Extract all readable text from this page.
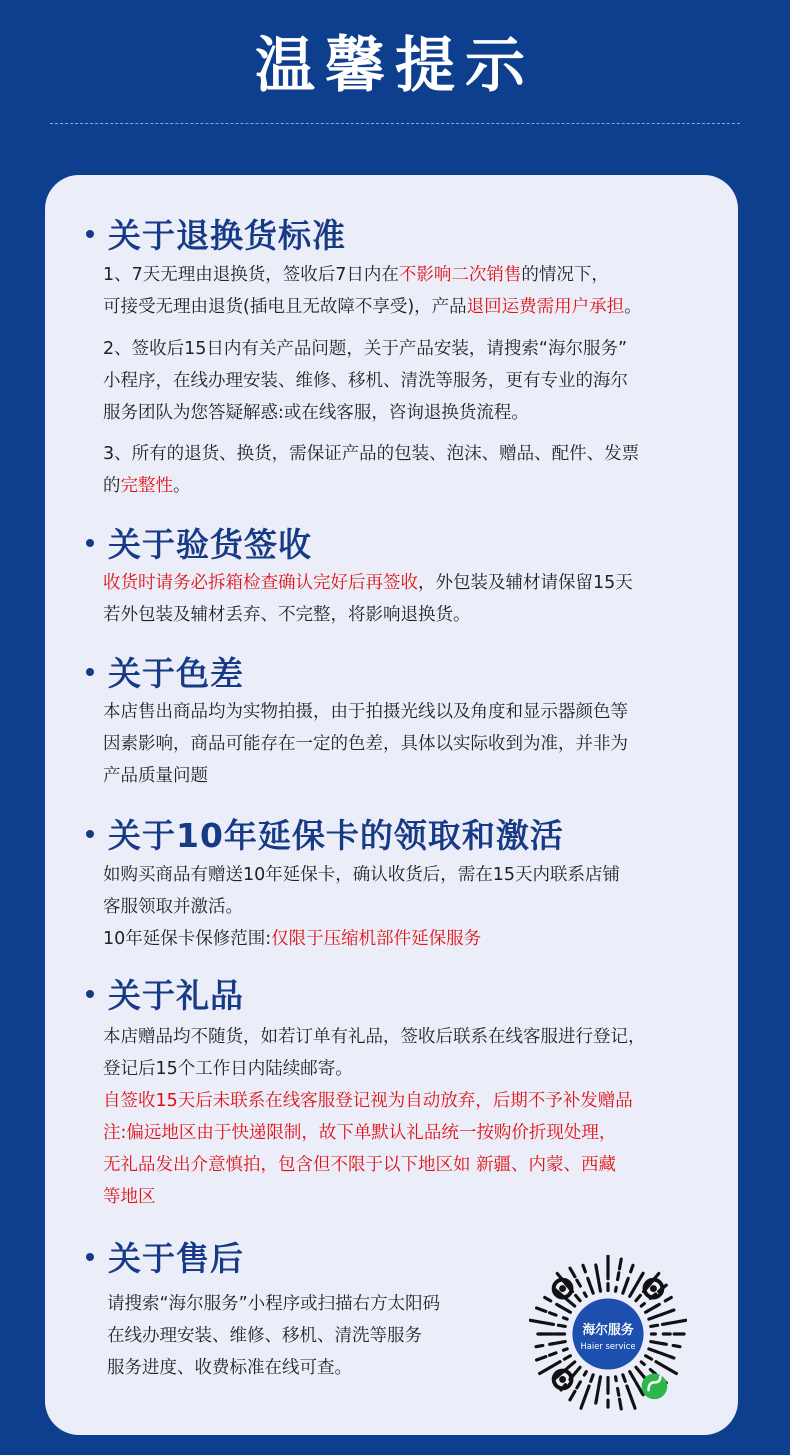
温馨提示
关于退换货标准
1、7天无理由退换货，签收后7日内在不影响二次销售的情况下，
可接受无理由退货(插电且无故障不享受)，产品退回运费需用户承担。
2、签收后15日内有关产品问题，关于产品安装，请搜索“海尔服务”
小程序，在线办理安装、维修、移机、清洗等服务，更有专业的海尔
服务团队为您答疑解惑:或在线客服，咨询退换货流程。
3、所有的退货、换货，需保证产品的包装、泡沫、赠品、配件、发票
的完整性。
关于验货签收
收货时请务必拆箱检查确认完好后再签收，外包装及辅材请保留15天
若外包装及辅材丢弃、不完整，将影响退换货。
关于色差
本店售出商品均为实物拍摄，由于拍摄光线以及角度和显示器颜色等
因素影响，商品可能存在一定的色差，具体以实际收到为准，并非为
产品质量问题
关于10年延保卡的领取和激活
如购买商品有赠送10年延保卡，确认收货后，需在15天内联系店铺
客服领取并激活。
10年延保卡保修范围:仅限于压缩机部件延保服务
关于礼品
本店赠品均不随货，如若订单有礼品，签收后联系在线客服进行登记，
登记后15个工作日内陆续邮寄。
自签收15天后未联系在线客服登记视为自动放弃，后期不予补发赠品
注:偏远地区由于快递限制，故下单默认礼品统一按购价折现处理，
无礼品发出介意慎拍，包含但不限于以下地区如 新疆、内蒙、西藏
等地区
关于售后
请搜索“海尔服务”小程序或扫描右方太阳码
在线办理安装、维修、移机、清洗等服务
服务进度、收费标准在线可查。
海尔服务
Haier service
